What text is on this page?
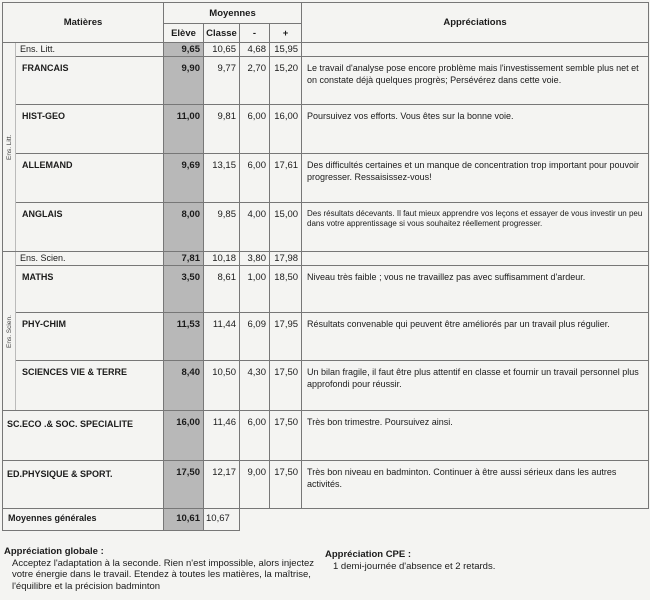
Matières		Moyennes				Appréciations
		Elève	Classe	-	+	
Ens. Litt.	Ens. Litt.	9,65	10,65	4,68	15,95	
	FRANCAIS	9,90	9,77	2,70	15,20	Le travail d'analyse pose encore problème mais l'investissement semble plus net et on constate déjà quelques progrès; Persévérez dans cette voie.
	HIST-GEO	11,00	9,81	6,00	16,00	Poursuivez vos efforts. Vous êtes sur la bonne voie.
	ALLEMAND	9,69	13,15	6,00	17,61	Des difficultés certaines et un manque de concentration trop important pour pouvoir progresser. Ressaisissez-vous!
	ANGLAIS	8,00	9,85	4,00	15,00	Des résultats décevants. Il faut mieux apprendre vos leçons et essayer de vous investir un peu dans votre apprentissage si vous souhaitez réellement progresser.
Ens. Scien.	Ens. Scien.	7,81	10,18	3,80	17,98	
	MATHS	3,50	8,61	1,00	18,50	Niveau très faible ; vous ne travaillez pas avec suffisamment d'ardeur.
	PHY-CHIM	11,53	11,44	6,09	17,95	Résultats convenable qui peuvent être améliorés par un travail plus régulier.
	SCIENCES VIE & TERRE	8,40	10,50	4,30	17,50	Un bilan fragile, il faut être plus attentif en classe et fournir un travail personnel plus approfondi pour réussir.
SC.ECO .& SOC. SPECIALITE		16,00	11,46	6,00	17,50	Très bon trimestre. Poursuivez ainsi.
ED.PHYSIQUE & SPORT.		17,50	12,17	9,00	17,50	Très bon niveau en badminton. Continuer à être aussi sérieux dans les autres activités.
Moyennes générales		10,61	10,67			
Appréciation globale :
Acceptez l'adaptation à la seconde. Rien n'est impossible, alors injectez votre énergie dans le travail. Etendez à toutes les matières, la maîtrise, l'équilibre et la précision badminton
Appréciation CPE :
1 demi-journée d'absence et 2 retards.
